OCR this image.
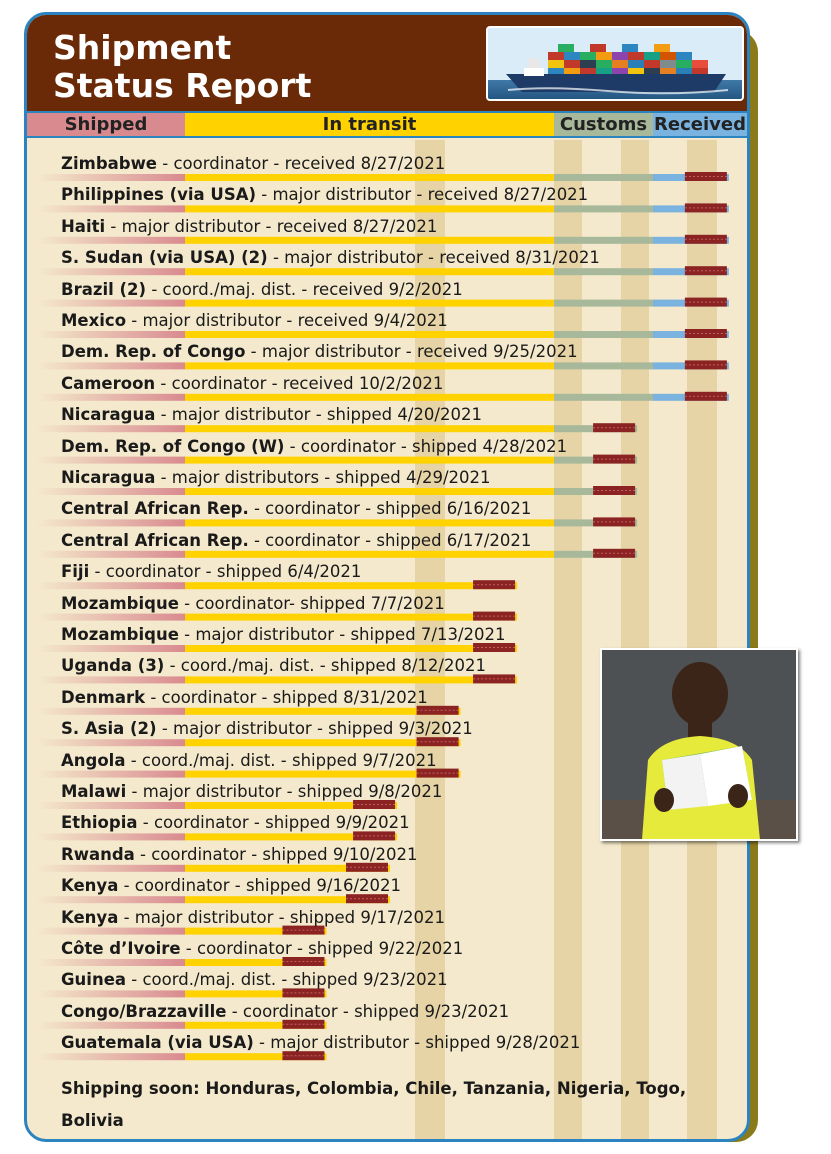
Shipment
Status Report
Shipped	In transit	Customs Received
Zimbabwe - coordinator - received 8/27/2021
Philippines (via USA) - major distributor - received 8/27/2021
Haiti - major distributor - received 8/27/2021
S. Sudan (via USA) (2) - major distributor - received 8/31/2021
Brazil (2) - coord./maj. dist. - received 9/2/2021
Mexico - major distributor - received 9/4/2021
Dem. Rep. of Congo - major distributor - received 9/25/2021
Cameroon - coordinator - received 10/2/2021
Nicaragua - major distributor - shipped 4/20/2021
Dem. Rep. of Congo (W) - coordinator - shipped 4/28/2021
Nicaragua - major distributors - shipped 4/29/2021
Central African Rep. - coordinator - shipped 6/16/2021
Central African Rep. - coordinator - shipped 6/17/2021
Fiji - coordinator - shipped 6/4/2021
Mozambique - coordinator- shipped 7/7/2021
Mozambique - major distributor - shipped 7/13/2021
Uganda (3) - coord./maj. dist. - shipped 8/12/2021
Denmark - coordinator - shipped 8/31/2021
S. Asia (2) - major distributor - shipped 9/3/2021
Angola - coord./maj. dist. - shipped 9/7/2021
Malawi - major distributor - shipped 9/8/2021
Ethiopia - coordinator - shipped 9/9/2021
Rwanda - coordinator - shipped 9/10/2021
Kenya - coordinator - shipped 9/16/2021
Kenya - major distributor - shipped 9/17/2021
Côte d’Ivoire - coordinator - shipped 9/22/2021
Guinea - coord./maj. dist. - shipped 9/23/2021
Congo/Brazzaville - coordinator - shipped 9/23/2021
Guatemala (via USA) - major distributor - shipped 9/28/2021
Shipping soon: Honduras, Colombia, Chile, Tanzania, Nigeria, Togo, Bolivia
